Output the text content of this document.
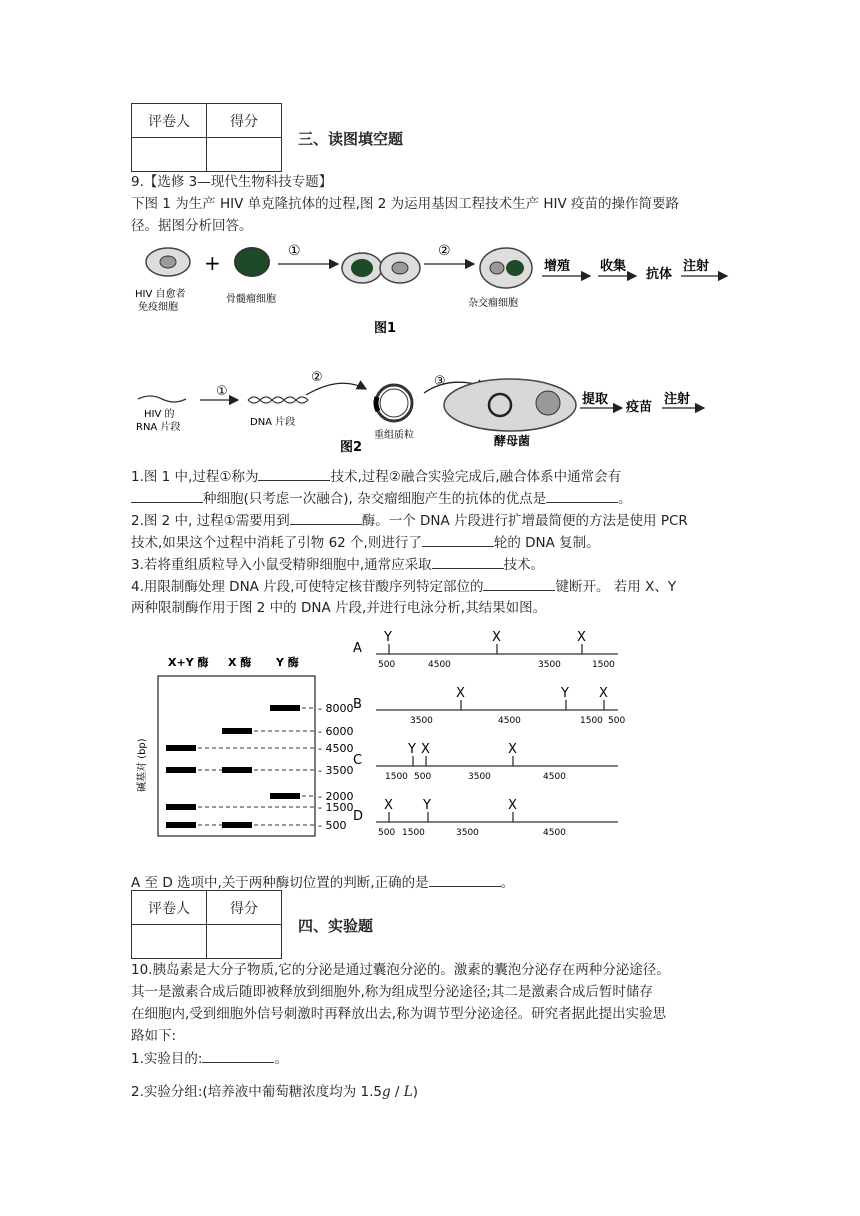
评卷人	得分

三、读图填空题
9.【选修 3—现代生物科技专题】
下图 1 为生产 HIV 单克隆抗体的过程,图 2 为运用基因工程技术生产 HIV 疫苗的操作简要路
径。据图分析回答。
HIV 自愈者
免疫细胞
+
骨髓瘤细胞
①	②
杂交瘤细胞
增殖 收集
抗体
注射
图1
HIV 的
RNA 片段
①
DNA 片段
②
重组质粒
③
酵母菌
提取
疫苗
注射
图2
1.图 1 中,过程①称为	技术,过程②融合实验完成后,融合体系中通常会有
种细胞(只考虑一次融合), 杂交瘤细胞产生的抗体的优点是	。
2.图 2 中, 过程①需要用到	酶。一个 DNA 片段进行扩增最简便的方法是使用 PCR
技术,如果这个过程中消耗了引物 62 个,则进行了	轮的 DNA 复制。
3.若将重组质粒导入小鼠受精卵细胞中,通常应采取	技术。
4.用限制酶处理 DNA 片段,可使特定核苷酸序列特定部位的	键断开。 若用 X、Y
两种限制酶作用于图 2 中的 DNA 片段,并进行电泳分析,其结果如图。
X+Y 酶 X 酶 Y 酶
碱基对 (bp)
- 8000
- 6000
- 4500
- 3500
- 2000
- 1500
- 500
A
Y	X	X
500	4500	3500	1500
B
X	Y X
3500	4500	1500 500
C
Y X	X
1500 500	3500	4500
D
X Y	X
500 1500	3500	4500
A 至 D 选项中,关于两种酶切位置的判断,正确的是	。
评卷人	得分

四、实验题
10.胰岛素是大分子物质,它的分泌是通过囊泡分泌的。激素的囊泡分泌存在两种分泌途径。
其一是激素合成后随即被释放到细胞外,称为组成型分泌途径;其二是激素合成后暂时储存
在细胞内,受到细胞外信号刺激时再释放出去,称为调节型分泌途径。研究者据此提出实验思
路如下:
1.实验目的:	。
2.实验分组:(培养液中葡萄糖浓度均为 1.5g / L)
